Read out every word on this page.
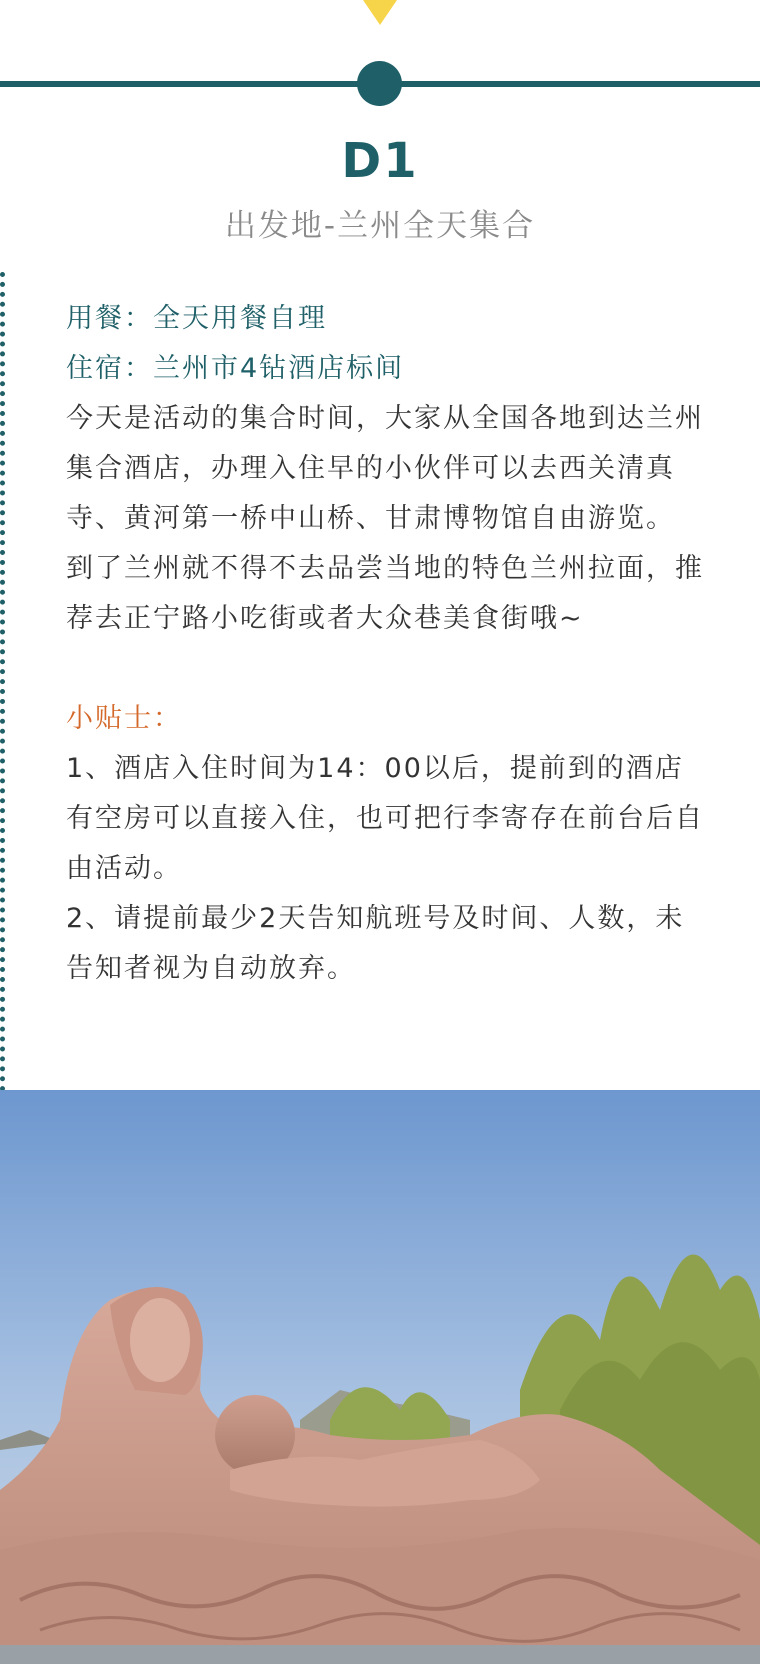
D1
出发地-兰州全天集合

用餐：全天用餐自理

住宿：兰州市4钻酒店标间

今天是活动的集合时间，大家从全国各地到达兰州集合酒店，办理入住早的小伙伴可以去西关清真寺、黄河第一桥中山桥、甘肃博物馆自由游览。

到了兰州就不得不去品尝当地的特色兰州拉面，推荐去正宁路小吃街或者大众巷美食街哦~

小贴士：

1、酒店入住时间为14：00以后，提前到的酒店有空房可以直接入住，也可把行李寄存在前台后自由活动。

2、请提前最少2天告知航班号及时间、人数，未告知者视为自动放弃。
